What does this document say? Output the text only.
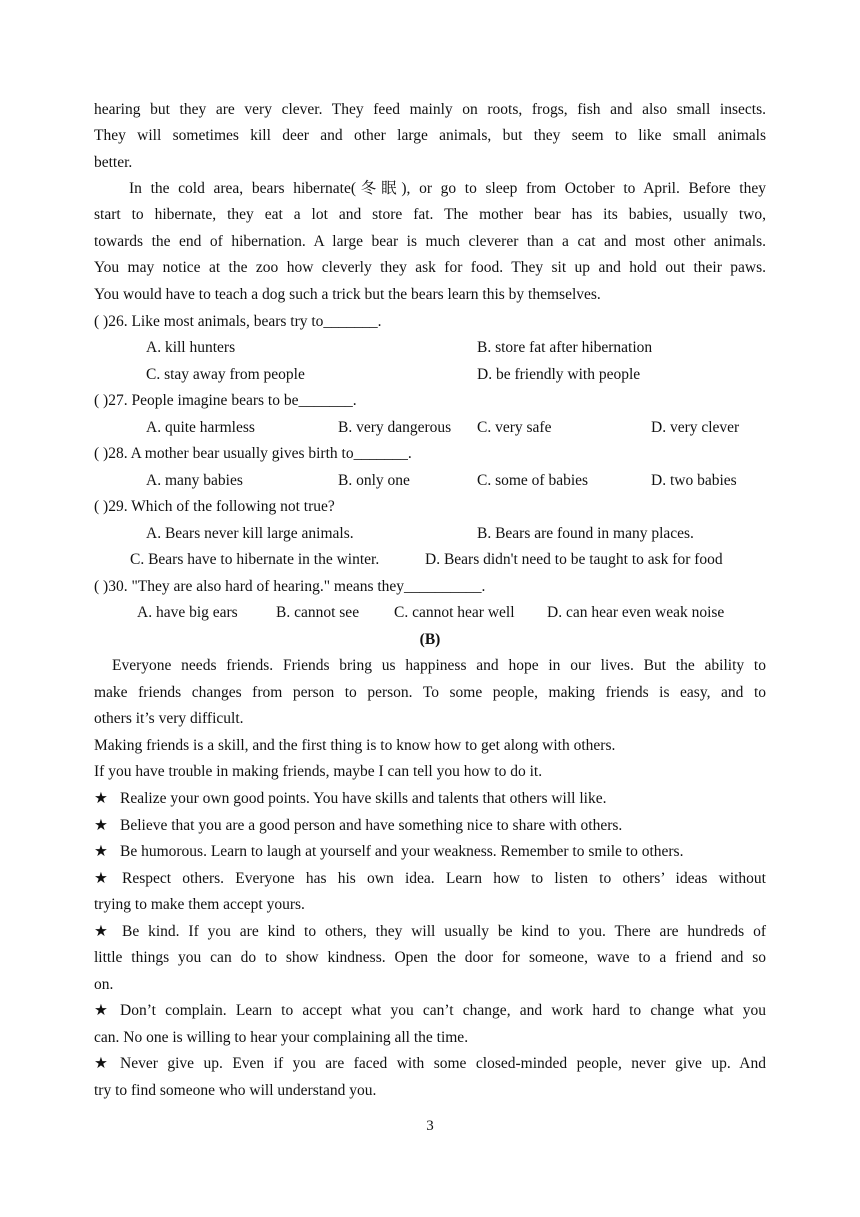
hearing but they are very clever. They feed mainly on roots, frogs, fish and also small insects.
They will sometimes kill deer and other large animals, but they seem to like small animals
better.
In the cold area, bears hibernate(冬眠), or go to sleep from October to April. Before they
start to hibernate, they eat a lot and store fat. The mother bear has its babies, usually two,
towards the end of hibernation. A large bear is much cleverer than a cat and most other animals.
You may notice at the zoo how cleverly they ask for food. They sit up and hold out their paws.
You would have to teach a dog such a trick but the bears learn this by themselves.
( )26. Like most animals, bears try to_______.
A. kill hunters	B. store fat after hibernation
C. stay away from people	D. be friendly with people
( )27. People imagine bears to be_______.
A. quite harmless	B. very dangerous C. very safe	D. very clever
( )28. A mother bear usually gives birth to_______.
A. many babies	B. only one	C. some of babies	D. two babies
( )29. Which of the following not true?
A. Bears never kill large animals.	B. Bears are found in many places.
C. Bears have to hibernate in the winter.	D. Bears didn't need to be taught to ask for food
( )30. "They are also hard of hearing." means they__________.
A. have big ears B. cannot see C. cannot hear well D. can hear even weak noise
(B)
Everyone needs friends. Friends bring us happiness and hope in our lives. But the ability to
make friends changes from person to person. To some people, making friends is easy, and to
others it’s very difficult.
Making friends is a skill, and the first thing is to know how to get along with others.
If you have trouble in making friends, maybe I can tell you how to do it.
★ Realize your own good points. You have skills and talents that others will like.
★ Believe that you are a good person and have something nice to share with others.
★ Be humorous. Learn to laugh at yourself and your weakness. Remember to smile to others.
★ Respect others. Everyone has his own idea. Learn how to listen to others’ ideas without
trying to make them accept yours.
★ Be kind. If you are kind to others, they will usually be kind to you. There are hundreds of
little things you can do to show kindness. Open the door for someone, wave to a friend and so
on.
★ Don’t complain. Learn to accept what you can’t change, and work hard to change what you
can. No one is willing to hear your complaining all the time.
★ Never give up. Even if you are faced with some closed-minded people, never give up. And
try to find someone who will understand you.
3
